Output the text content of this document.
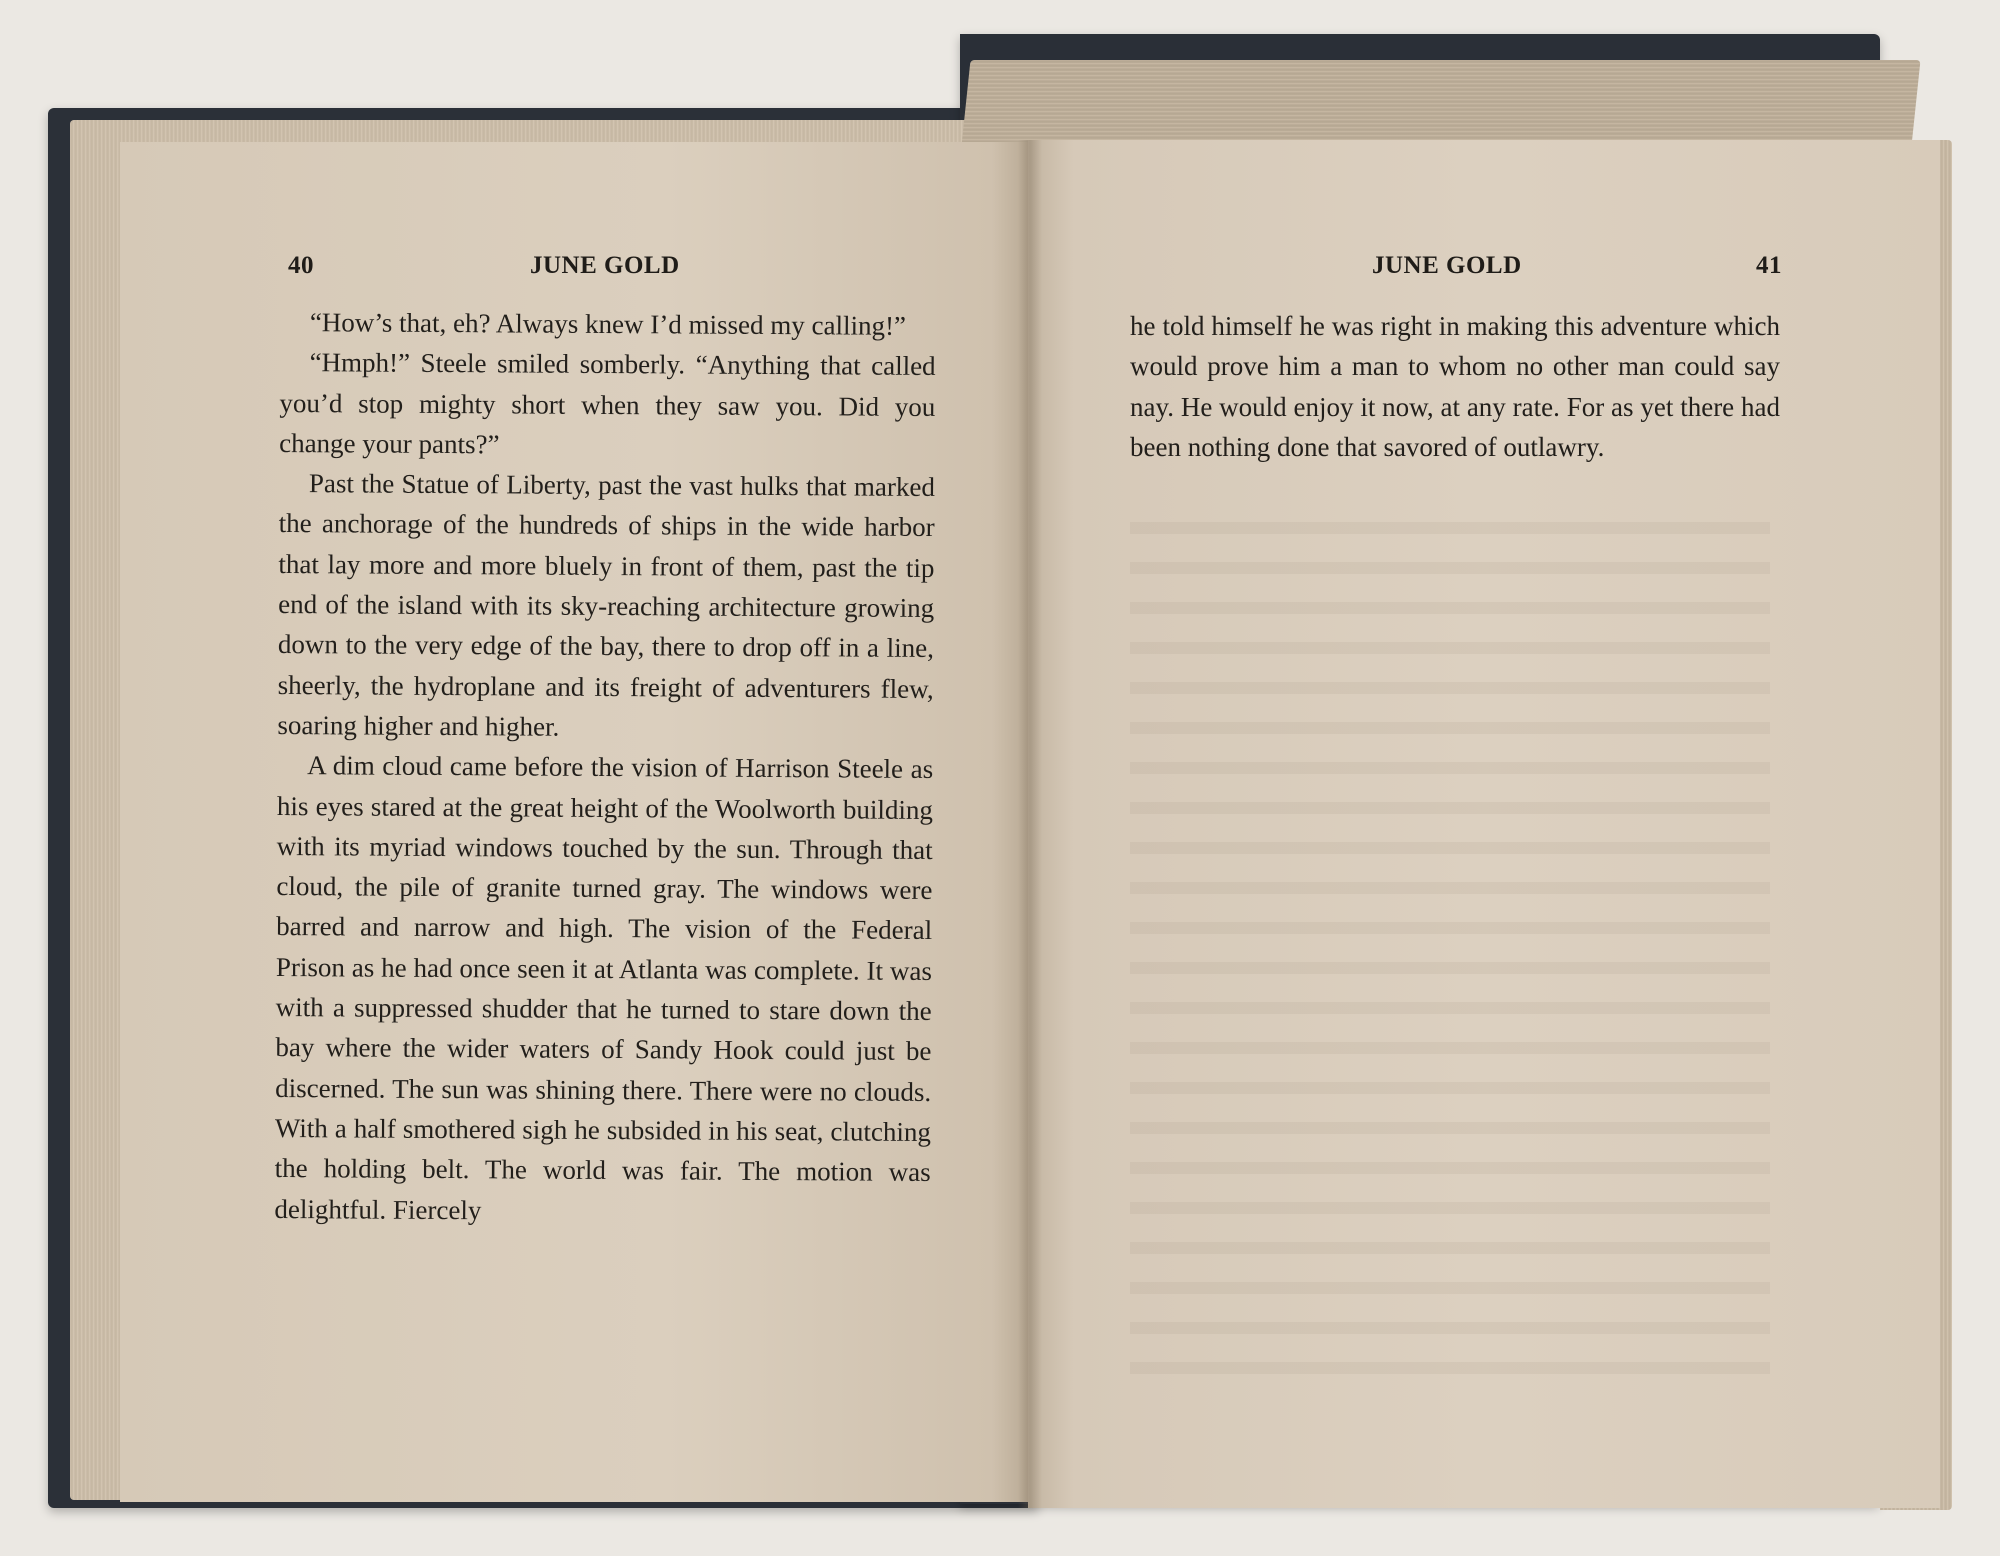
40	JUNE GOLD

“How’s that, eh? Always knew I’d missed my calling!”

“Hmph!” Steele smiled somberly. “Anything that called you’d stop mighty short when they saw you. Did you change your pants?”

Past the Statue of Liberty, past the vast hulks that marked the anchorage of the hundreds of ships in the wide harbor that lay more and more bluely in front of them, past the tip end of the island with its sky-reaching architecture growing down to the very edge of the bay, there to drop off in a line, sheerly, the hydroplane and its freight of adventurers flew, soaring higher and higher.

A dim cloud came before the vision of Harrison Steele as his eyes stared at the great height of the Woolworth building with its myriad windows touched by the sun. Through that cloud, the pile of granite turned gray. The windows were barred and narrow and high. The vision of the Federal Prison as he had once seen it at Atlanta was complete. It was with a suppressed shudder that he turned to stare down the bay where the wider waters of Sandy Hook could just be discerned. The sun was shining there. There were no clouds. With a half smothered sigh he subsided in his seat, clutching the holding belt. The world was fair. The motion was delightful. Fiercely

JUNE GOLD	41

he told himself he was right in making this adventure which would prove him a man to whom no other man could say nay. He would enjoy it now, at any rate. For as yet there had been nothing done that savored of outlawry.
